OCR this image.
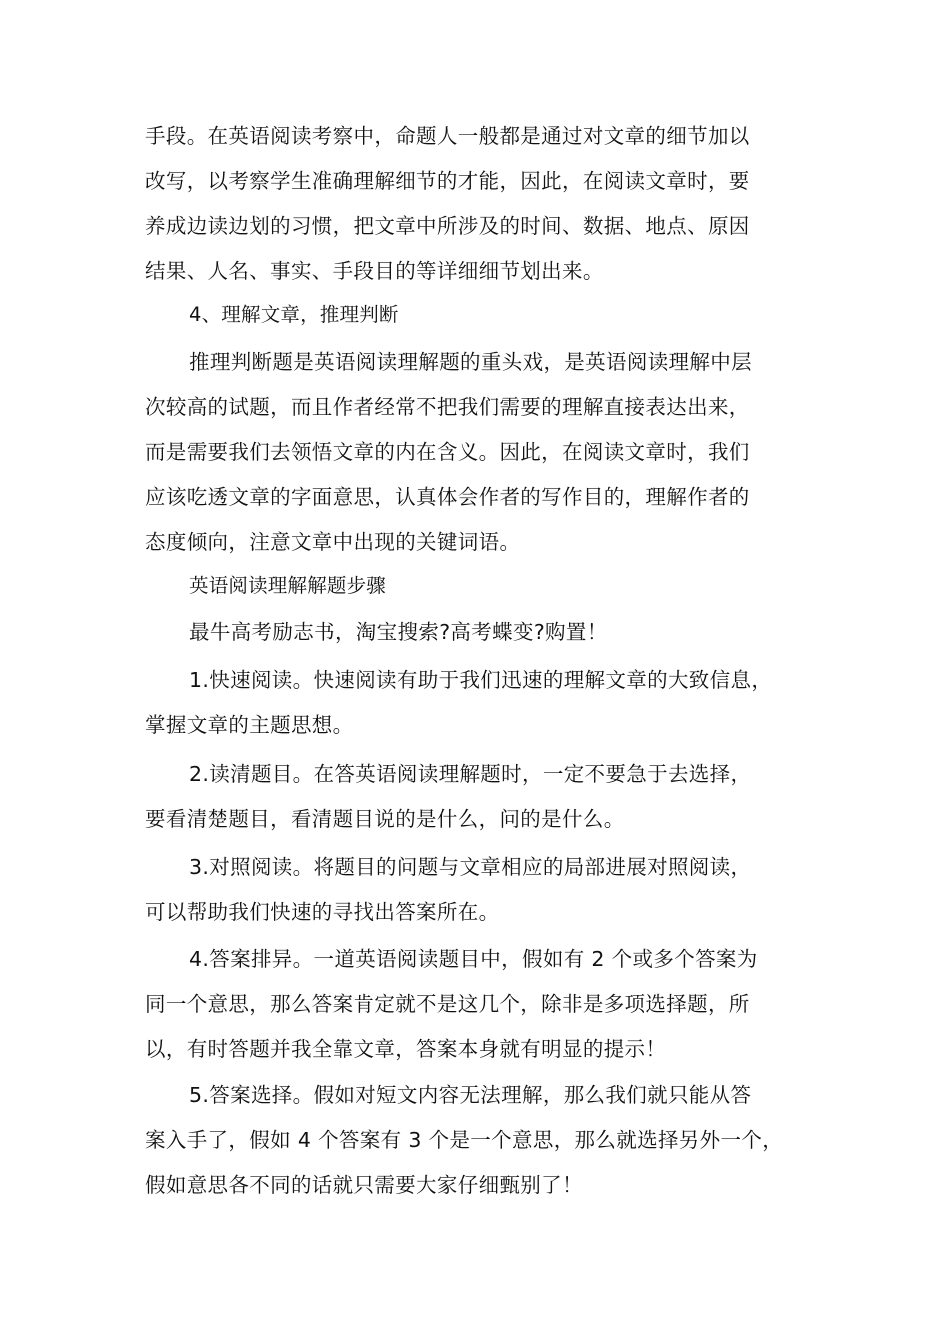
手段。在英语阅读考察中，命题人一般都是通过对文章的细节加以
改写，以考察学生准确理解细节的才能，因此，在阅读文章时，要
养成边读边划的习惯，把文章中所涉及的时间、数据、地点、原因
结果、人名、事实、手段目的等详细细节划出来。
4、理解文章，推理判断
推理判断题是英语阅读理解题的重头戏，是英语阅读理解中层
次较高的试题，而且作者经常不把我们需要的理解直接表达出来，
而是需要我们去领悟文章的内在含义。因此，在阅读文章时，我们
应该吃透文章的字面意思，认真体会作者的写作目的，理解作者的
态度倾向，注意文章中出现的关键词语。
英语阅读理解解题步骤
最牛高考励志书，淘宝搜索?高考蝶变?购置！
1.快速阅读。快速阅读有助于我们迅速的理解文章的大致信息，
掌握文章的主题思想。
2.读清题目。在答英语阅读理解题时，一定不要急于去选择，
要看清楚题目，看清题目说的是什么，问的是什么。
3.对照阅读。将题目的问题与文章相应的局部进展对照阅读，
可以帮助我们快速的寻找出答案所在。
4.答案排异。一道英语阅读题目中，假如有 2 个或多个答案为
同一个意思，那么答案肯定就不是这几个，除非是多项选择题，所
以，有时答题并我全靠文章，答案本身就有明显的提示！
5.答案选择。假如对短文内容无法理解，那么我们就只能从答
案入手了，假如 4 个答案有 3 个是一个意思，那么就选择另外一个，
假如意思各不同的话就只需要大家仔细甄别了！
